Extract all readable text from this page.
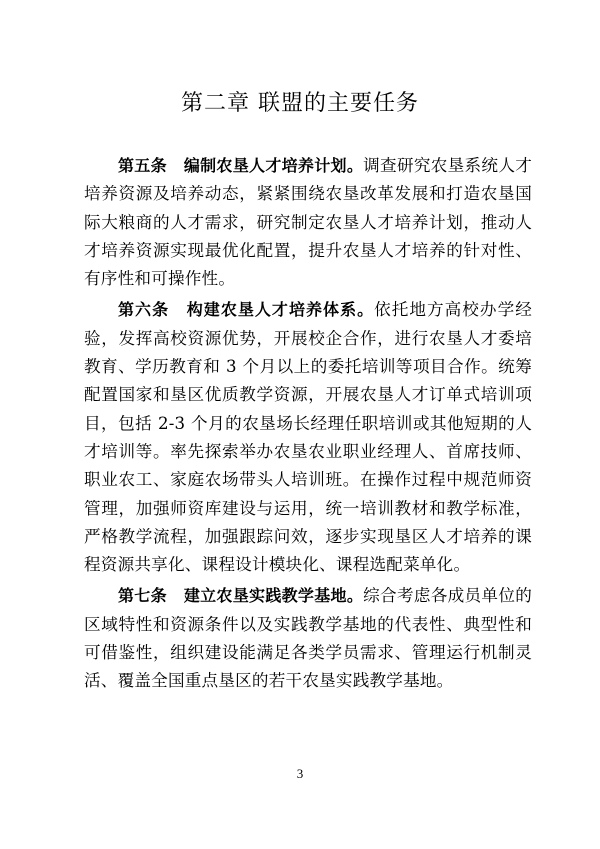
第二章 联盟的主要任务

第五条  编制农垦人才培养计划。调查研究农垦系统人才培养资源及培养动态，紧紧围绕农垦改革发展和打造农垦国际大粮商的人才需求，研究制定农垦人才培养计划，推动人才培养资源实现最优化配置，提升农垦人才培养的针对性、有序性和可操作性。

第六条  构建农垦人才培养体系。依托地方高校办学经验，发挥高校资源优势，开展校企合作，进行农垦人才委培教育、学历教育和 3 个月以上的委托培训等项目合作。统筹配置国家和垦区优质教学资源，开展农垦人才订单式培训项目，包括 2-3 个月的农垦场长经理任职培训或其他短期的人才培训等。率先探索举办农垦农业职业经理人、首席技师、职业农工、家庭农场带头人培训班。在操作过程中规范师资管理，加强师资库建设与运用，统一培训教材和教学标准，严格教学流程，加强跟踪问效，逐步实现垦区人才培养的课程资源共享化、课程设计模块化、课程选配菜单化。

第七条  建立农垦实践教学基地。综合考虑各成员单位的区域特性和资源条件以及实践教学基地的代表性、典型性和可借鉴性，组织建设能满足各类学员需求、管理运行机制灵活、覆盖全国重点垦区的若干农垦实践教学基地。

3
